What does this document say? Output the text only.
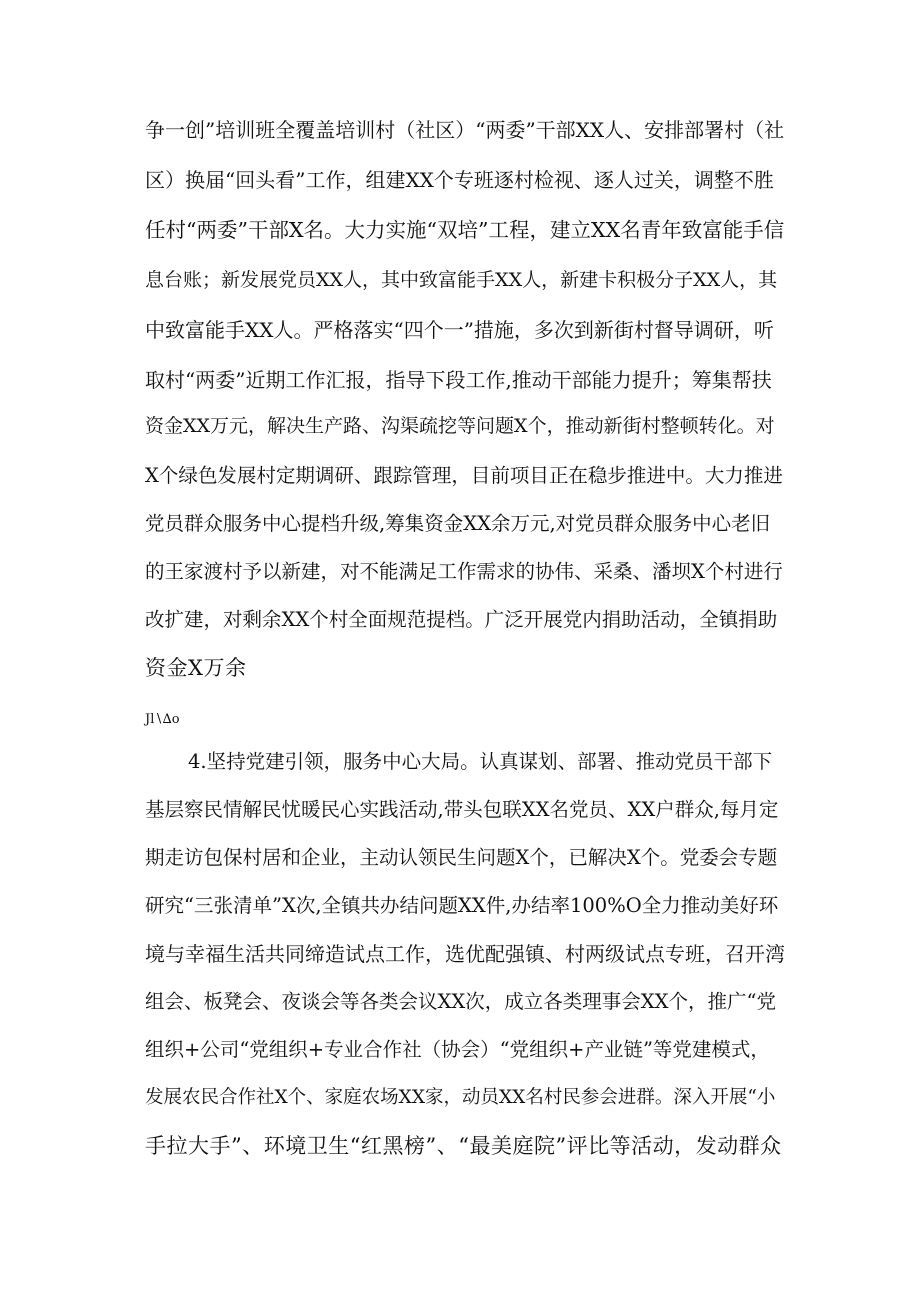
争一创”培训班全覆盖培训村（社区）“两委”干部XX人、安排部署村（社
区）换届“回头看”工作，组建XX个专班逐村检视、逐人过关，调整不胜
任村“两委”干部X名。大力实施“双培”工程，建立XX名青年致富能手信
息台账；新发展党员XX人，其中致富能手XX人，新建卡积极分子XX人，其
中致富能手XX人。严格落实“四个一”措施，多次到新街村督导调研，听
取村“两委”近期工作汇报，指导下段工作,推动干部能力提升；筹集帮扶
资金XX万元，解决生产路、沟渠疏挖等问题X个，推动新街村整顿转化。对
X个绿色发展村定期调研、跟踪管理，目前项目正在稳步推进中。大力推进
党员群众服务中心提档升级,筹集资金XX余万元,对党员群众服务中心老旧
的王家渡村予以新建，对不能满足工作需求的协伟、采桑、潘坝X个村进行
改扩建，对剩余XX个村全面规范提档。广泛开展党内捐助活动，全镇捐助
资金X万余
Jl∖∆o
4.坚持党建引领，服务中心大局。认真谋划、部署、推动党员干部下
基层察民情解民忧暖民心实践活动,带头包联XX名党员、XX户群众,每月定
期走访包保村居和企业，主动认领民生问题X个，已解决X个。党委会专题
研究“三张清单”X次,全镇共办结问题XX件,办结率100%O全力推动美好环
境与幸福生活共同缔造试点工作，选优配强镇、村两级试点专班，召开湾
组会、板凳会、夜谈会等各类会议XX次，成立各类理事会XX个，推广“党
组织+公司“党组织+专业合作社（协会）“党组织+产业链”等党建模式，
发展农民合作社X个、家庭农场XX家，动员XX名村民参会进群。深入开展“小
手拉大手”、环境卫生“红黑榜”、“最美庭院”评比等活动，发动群众
